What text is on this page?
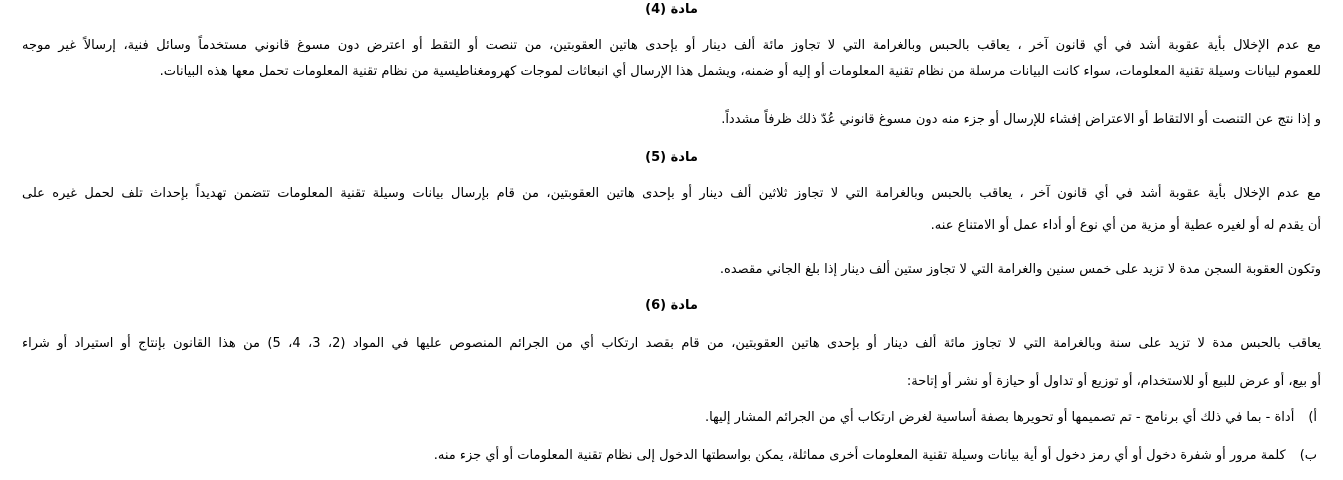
مادة (4)
مع عدم الإخلال بأية عقوبة أشد في أي قانون آخر ، يعاقب بالحبس وبالغرامة التي لا تجاوز مائة ألف دينار أو بإحدى هاتين العقوبتين، من تنصت أو التقط أو اعترض دون مسوغ قانوني مستخدماً وسائل فنية، إرسالاً غير موجه
للعموم لبيانات وسيلة تقنية المعلومات، سواء كانت البيانات مرسلة من نظام تقنية المعلومات أو إليه أو ضمنه، ويشمل هذا الإرسال أي انبعاثات لموجات كهرومغناطيسية من نظام تقنية المعلومات تحمل معها هذه البيانات.
و إذا نتج عن التنصت أو الالتقاط أو الاعتراض إفشاء للإرسال أو جزء منه دون مسوغ قانوني عُدّ ذلك ظرفاً مشدداً.
مادة (5)
مع عدم الإخلال بأية عقوبة أشد في أي قانون آخر ، يعاقب بالحبس وبالغرامة التي لا تجاوز ثلاثين ألف دينار أو بإحدى هاتين العقوبتين، من قام بإرسال بيانات وسيلة تقنية المعلومات تتضمن تهديداً بإحداث تلف لحمل غيره على
أن يقدم له أو لغيره عطية أو مزية من أي نوع أو أداء عمل أو الامتناع عنه.
وتكون العقوبة السجن مدة لا تزيد على خمس سنين والغرامة التي لا تجاوز ستين ألف دينار إذا بلغ الجاني مقصده.
مادة (6)
يعاقب بالحبس مدة لا تزيد على سنة وبالغرامة التي لا تجاوز مائة ألف دينار أو بإحدى هاتين العقوبتين، من قام بقصد ارتكاب أي من الجرائم المنصوص عليها في المواد (2، 3، 4، 5) من هذا القانون بإنتاج أو استيراد أو شراء
أو بيع، أو عرض للبيع أو للاستخدام، أو توزيع أو تداول أو حيازة أو نشر أو إتاحة:
أ)أداة - بما في ذلك أي برنامج - تم تصميمها أو تحويرها بصفة أساسية لغرض ارتكاب أي من الجرائم المشار إليها.
ب)كلمة مرور أو شفرة دخول أو أي رمز دخول أو أية بيانات وسيلة تقنية المعلومات أخرى مماثلة، يمكن بواسطتها الدخول إلى نظام تقنية المعلومات أو أي جزء منه.
